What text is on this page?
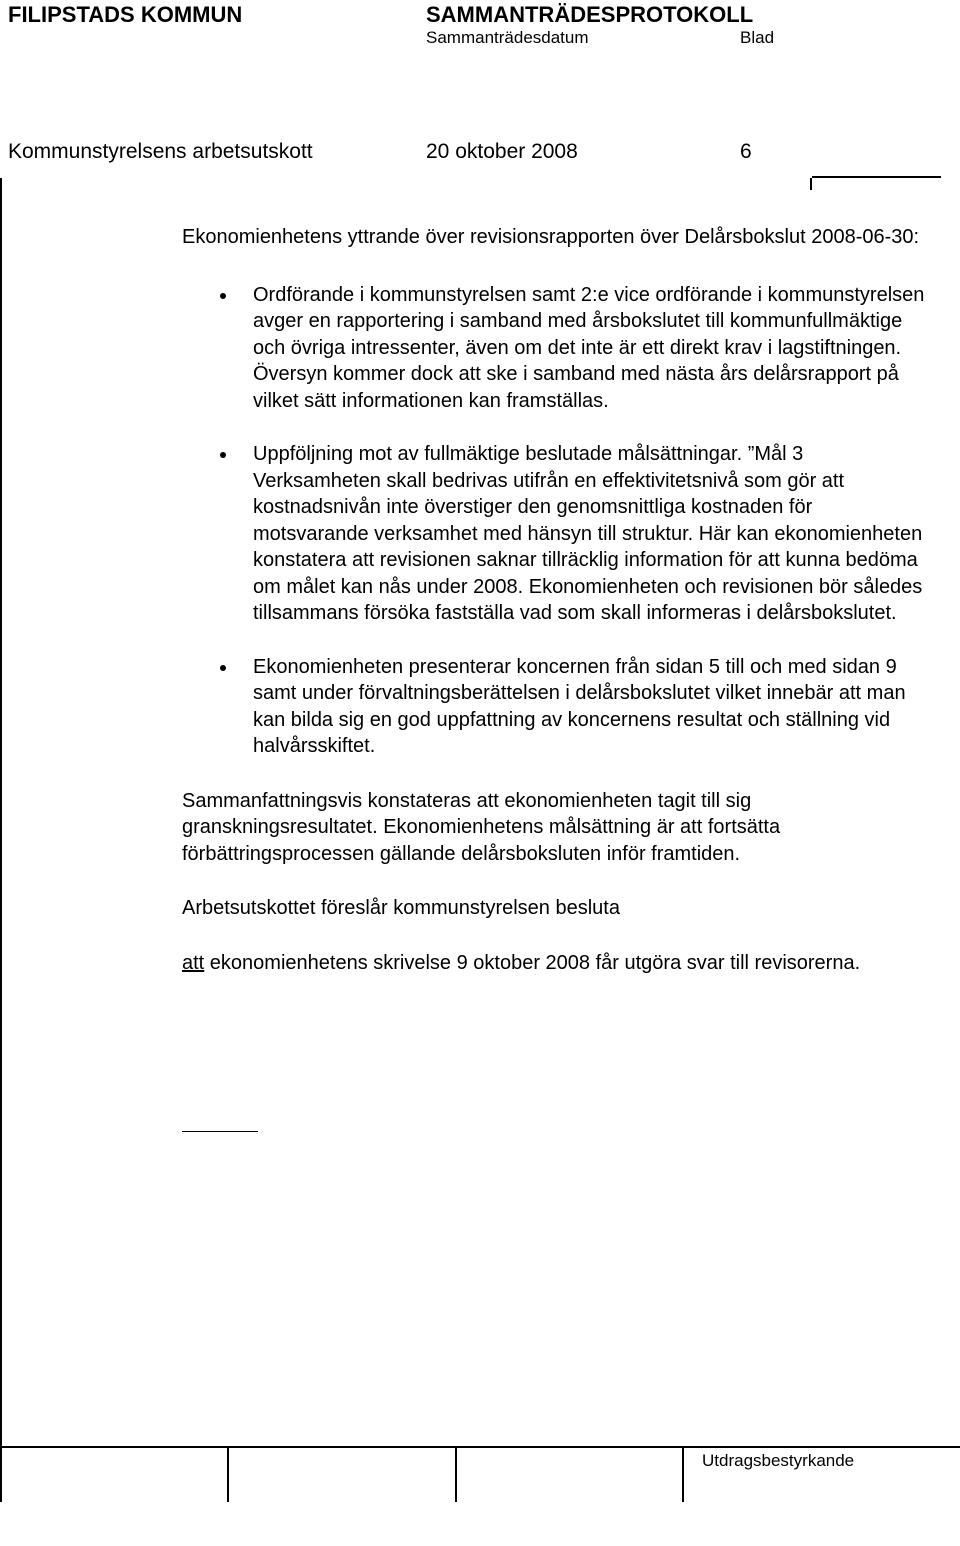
FILIPSTADS KOMMUN	SAMMANTRÄDESPROTOKOLL
Sammanträdesdatum	Blad
Kommunstyrelsens arbetsutskott	20 oktober 2008	6

Ekonomienhetens yttrande över revisionsrapporten över Delårsbokslut 2008-06-30:

Ordförande i kommunstyrelsen samt 2:e vice ordförande i kommunstyrelsen avger en rapportering i samband med årsbokslutet till kommunfullmäktige och övriga intressenter, även om det inte är ett direkt krav i lagstiftningen. Översyn kommer dock att ske i samband med nästa års delårsrapport på vilket sätt informationen kan framställas.
Uppföljning mot av fullmäktige beslutade målsättningar. ”Mål 3 Verksamheten skall bedrivas utifrån en effektivitetsnivå som gör att kostnadsnivån inte överstiger den genomsnittliga kostnaden för motsvarande verksamhet med hänsyn till struktur. Här kan ekonomienheten konstatera att revisionen saknar tillräcklig information för att kunna bedöma om målet kan nås under 2008. Ekonomienheten och revisionen bör således tillsammans försöka fastställa vad som skall informeras i delårsbokslutet.
Ekonomienheten presenterar koncernen från sidan 5 till och med sidan 9 samt under förvaltningsberättelsen i delårsbokslutet vilket innebär att man kan bilda sig en god uppfattning av koncernens resultat och ställning vid halvårsskiftet.

Sammanfattningsvis konstateras att ekonomienheten tagit till sig granskningsresultatet. Ekonomienhetens målsättning är att fortsätta förbättringsprocessen gällande delårsboksluten inför framtiden.

Arbetsutskottet föreslår kommunstyrelsen besluta

att ekonomienhetens skrivelse 9 oktober 2008 får utgöra svar till revisorerna.

Utdragsbestyrkande
